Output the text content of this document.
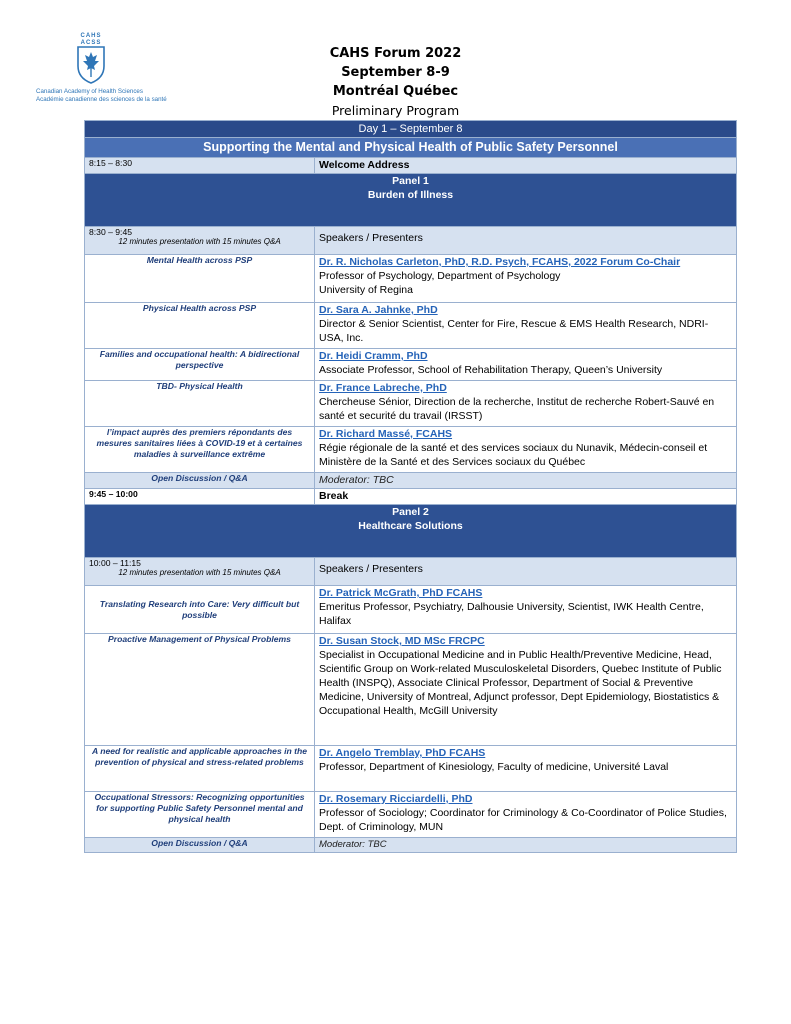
CAHS
ACSS
Canadian Academy of Health Sciences
Académie canadienne des sciences de la santé
CAHS Forum 2022
September 8-9
Montréal Québec
Preliminary Program
Day 1 – September 8	
Supporting the Mental and Physical Health of Public Safety Personnel	
8:15 – 8:30	Welcome Address
Panel 1
Burden of Illness	
8:30 – 9:45
12 minutes presentation with 15 minutes Q&A	Speakers / Presenters
Mental Health across PSP	Dr. R. Nicholas Carleton, PhD, R.D. Psych, FCAHS, 2022 Forum Co-Chair
Professor of Psychology, Department of Psychology
University of Regina

Physical Health across PSP	Dr. Sara A. Jahnke, PhD
Director & Senior Scientist, Center for Fire, Rescue & EMS Health Research, NDRI-USA, Inc.

Families and occupational health: A bidirectional perspective	Dr. Heidi Cramm, PhD
Associate Professor, School of Rehabilitation Therapy, Queen’s University

TBD- Physical Health	Dr. France Labreche, PhD
Chercheuse Sénior, Direction de la recherche, Institut de recherche Robert-Sauvé en santé et securité du travail (IRSST)

l’impact auprès des premiers répondants des mesures sanitaires liées à COVID-19 et à certaines maladies à surveillance extrême	Dr. Richard Massé, FCAHS
Régie régionale de la santé et des services sociaux du Nunavik, Médecin-conseil et Ministère de la Santé et des Services sociaux du Québec

Open Discussion / Q&A	Moderator: TBC
9:45 – 10:00	Break
Panel 2
Healthcare Solutions	
10:00 – 11:15
12 minutes presentation with 15 minutes Q&A	Speakers / Presenters
Translating Research into Care: Very difficult but possible	Dr. Patrick McGrath, PhD FCAHS
Emeritus Professor, Psychiatry, Dalhousie University, Scientist, IWK Health Centre, Halifax

Proactive Management of Physical Problems	Dr. Susan Stock, MD MSc FRCPC
Specialist in Occupational Medicine and in Public Health/Preventive Medicine, Head, Scientific Group on Work-related Musculoskeletal Disorders, Quebec Institute of Public Health (INSPQ), Associate Clinical Professor, Department of Social & Preventive Medicine, University of Montreal, Adjunct professor, Dept Epidemiology, Biostatistics & Occupational Health, McGill University

A need for realistic and applicable approaches in the prevention of physical and stress-related problems	Dr. Angelo Tremblay, PhD FCAHS
Professor, Department of Kinesiology, Faculty of medicine, Université Laval

Occupational Stressors: Recognizing opportunities for supporting Public Safety Personnel mental and physical health	Dr. Rosemary Ricciardelli, PhD
Professor of Sociology; Coordinator for Criminology & Co-Coordinator of Police Studies, Dept. of Criminology, MUN

Open Discussion / Q&A	Moderator: TBC
